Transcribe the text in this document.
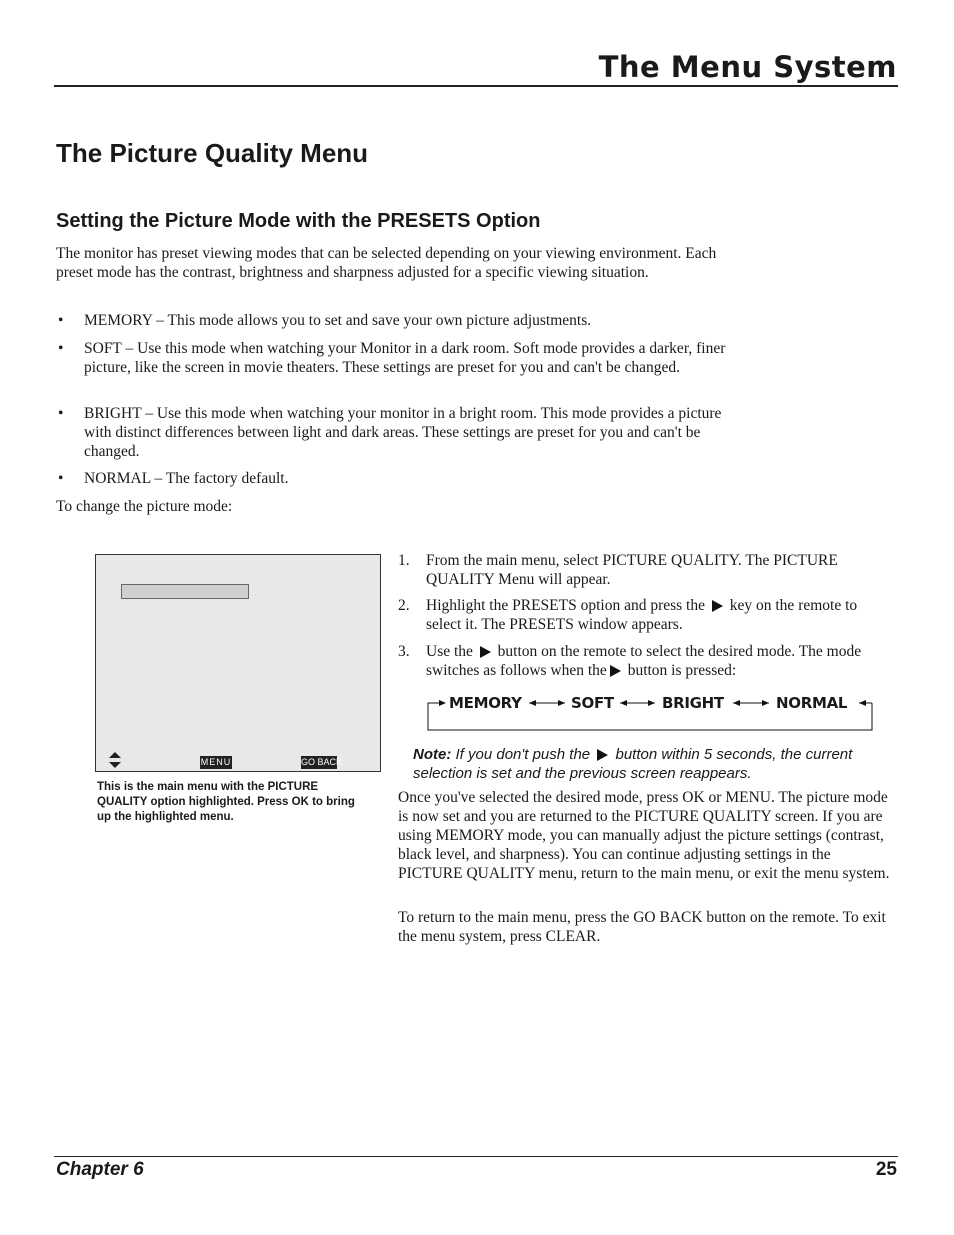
The Menu System
The Picture Quality Menu
Setting the Picture Mode with the PRESETS Option
The monitor has preset viewing modes that can be selected depending on your viewing environment. Each preset mode has the contrast, brightness and sharpness adjusted for a specific viewing situation.
• MEMORY – This mode allows you to set and save your own picture adjustments.
• SOFT – Use this mode when watching your Monitor in a dark room. Soft mode provides a darker, finer picture, like the screen in movie theaters. These settings are preset for you and can't be changed.
• BRIGHT – Use this mode when watching your monitor in a bright room. This mode provides a picture with distinct differences between light and dark areas. These settings are preset for you and can't be changed.
• NORMAL – The factory default.
To change the picture mode:
MENU	GO BACK
This is the main menu with the PICTURE QUALITY option highlighted. Press OK to bring up the highlighted menu.
1. From the main menu, select PICTURE QUALITY. The PICTURE QUALITY Menu will appear.
2. Highlight the PRESETS option and press the key on the remote to select it. The PRESETS window appears.
3. Use the button on the remote to select the desired mode. The mode switches as follows when the button is pressed:
MEMORY	SOFT	BRIGHT	NORMAL
Note: If you don't push the button within 5 seconds, the current selection is set and the previous screen reappears.
Once you've selected the desired mode, press OK or MENU. The picture mode is now set and you are returned to the PICTURE QUALITY screen. If you are using MEMORY mode, you can manually adjust the picture settings (contrast, black level, and sharpness). You can continue adjusting settings in the PICTURE QUALITY menu, return to the main menu, or exit the menu system.
To return to the main menu, press the GO BACK button on the remote. To exit the menu system, press CLEAR.
Chapter 6	25
